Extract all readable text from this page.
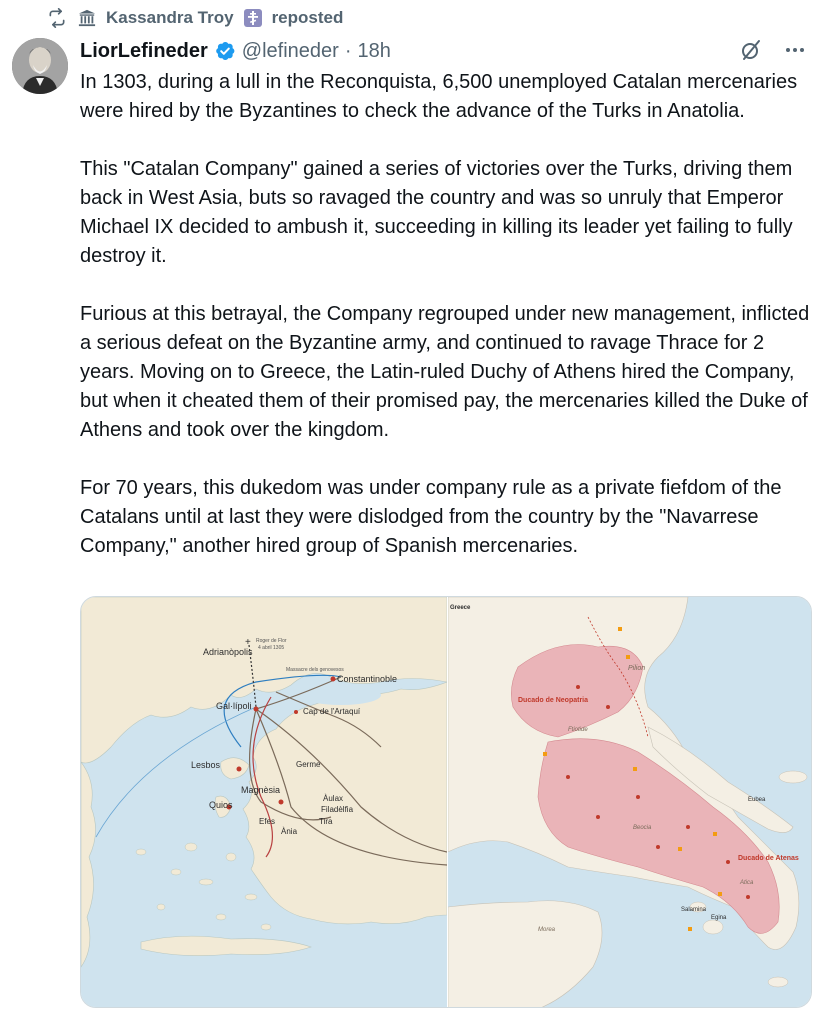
Kassandra Troy reposted
LiorLefineder @lefineder · 18h

In 1303, during a lull in the Reconquista, 6,500 unemployed Catalan mercenaries were hired by the Byzantines to check the advance of the Turks in Anatolia.

This "Catalan Company" gained a series of victories over the Turks, driving them back in West Asia, buts so ravaged the country and was so unruly that Emperor Michael IX decided to ambush it, succeeding in killing its leader yet failing to fully destroy it.

Furious at this betrayal, the Company regrouped under new management, inflicted a serious defeat on the Byzantine army, and continued to ravage Thrace for 2 years. Moving on to Greece, the Latin-ruled Duchy of Athens hired the Company, but when it cheated them of their promised pay, the mercenaries killed the Duke of Athens and took over the kingdom.

For 70 years, this dukedom was under company rule as a private fiefdom of the Catalans until at last they were dislodged from the country by the "Navarrese Company," another hired group of Spanish mercenaries.

+ Roger de Flor
4 abril 1305
Adrianòpolis
Massacre dels genovesos
Constantinoble
Gal·lípoli
Cap de l'Artaquí
Lesbos	Germe
Magnèsia
Quios
Àulax
Filadèlfia
Efes	Tira
Ània
Greece
Ducado de Neopatria
Pilion
Ftiotide
Beocia
Ducado de Atenas
Atica
Eubea
Salamina
Egina
Morea
